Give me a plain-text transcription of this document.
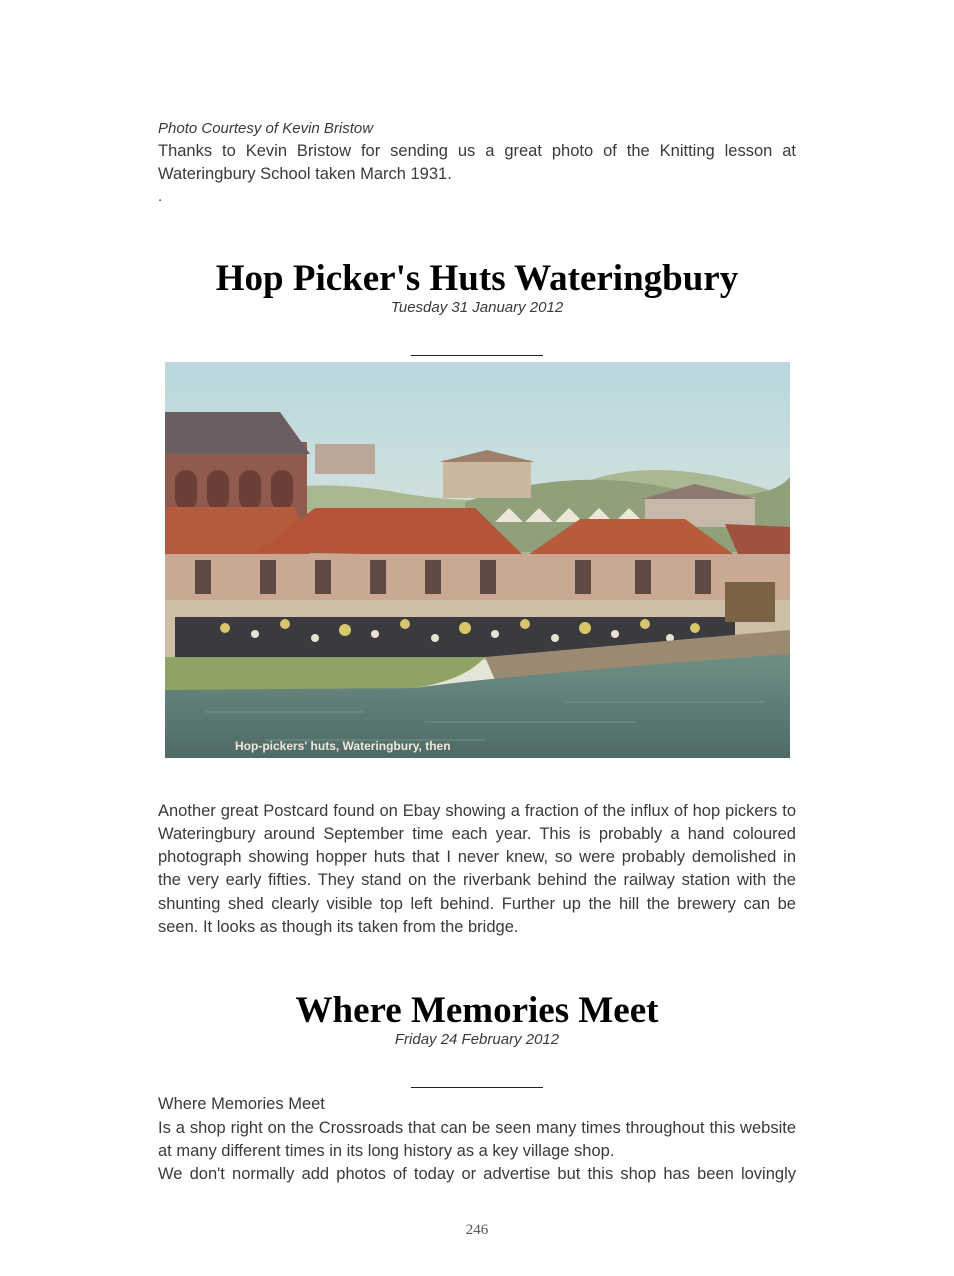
Photo Courtesy of Kevin Bristow

Thanks to Kevin Bristow for sending us a great photo of the Knitting lesson at Wateringbury School taken March 1931.

.

Hop Picker's Huts Wateringbury

Tuesday 31 January 2012

Hop-pickers' huts, Wateringbury, then

Another great Postcard found on Ebay showing a fraction of the influx of hop pickers to Wateringbury around September time each year. This is probably a hand coloured photograph showing hopper huts that I never knew, so were probably demolished in the very early fifties. They stand on the riverbank behind the railway station with the shunting shed clearly visible top left behind. Further up the hill the brewery can be seen. It looks as though its taken from the bridge.

Where Memories Meet

Friday 24 February 2012

Where Memories Meet

Is a shop right on the Crossroads that can be seen many times throughout this website at many different times in its long history as a key village shop.

We don't normally add photos of today or advertise but this shop has been lovingly

246
